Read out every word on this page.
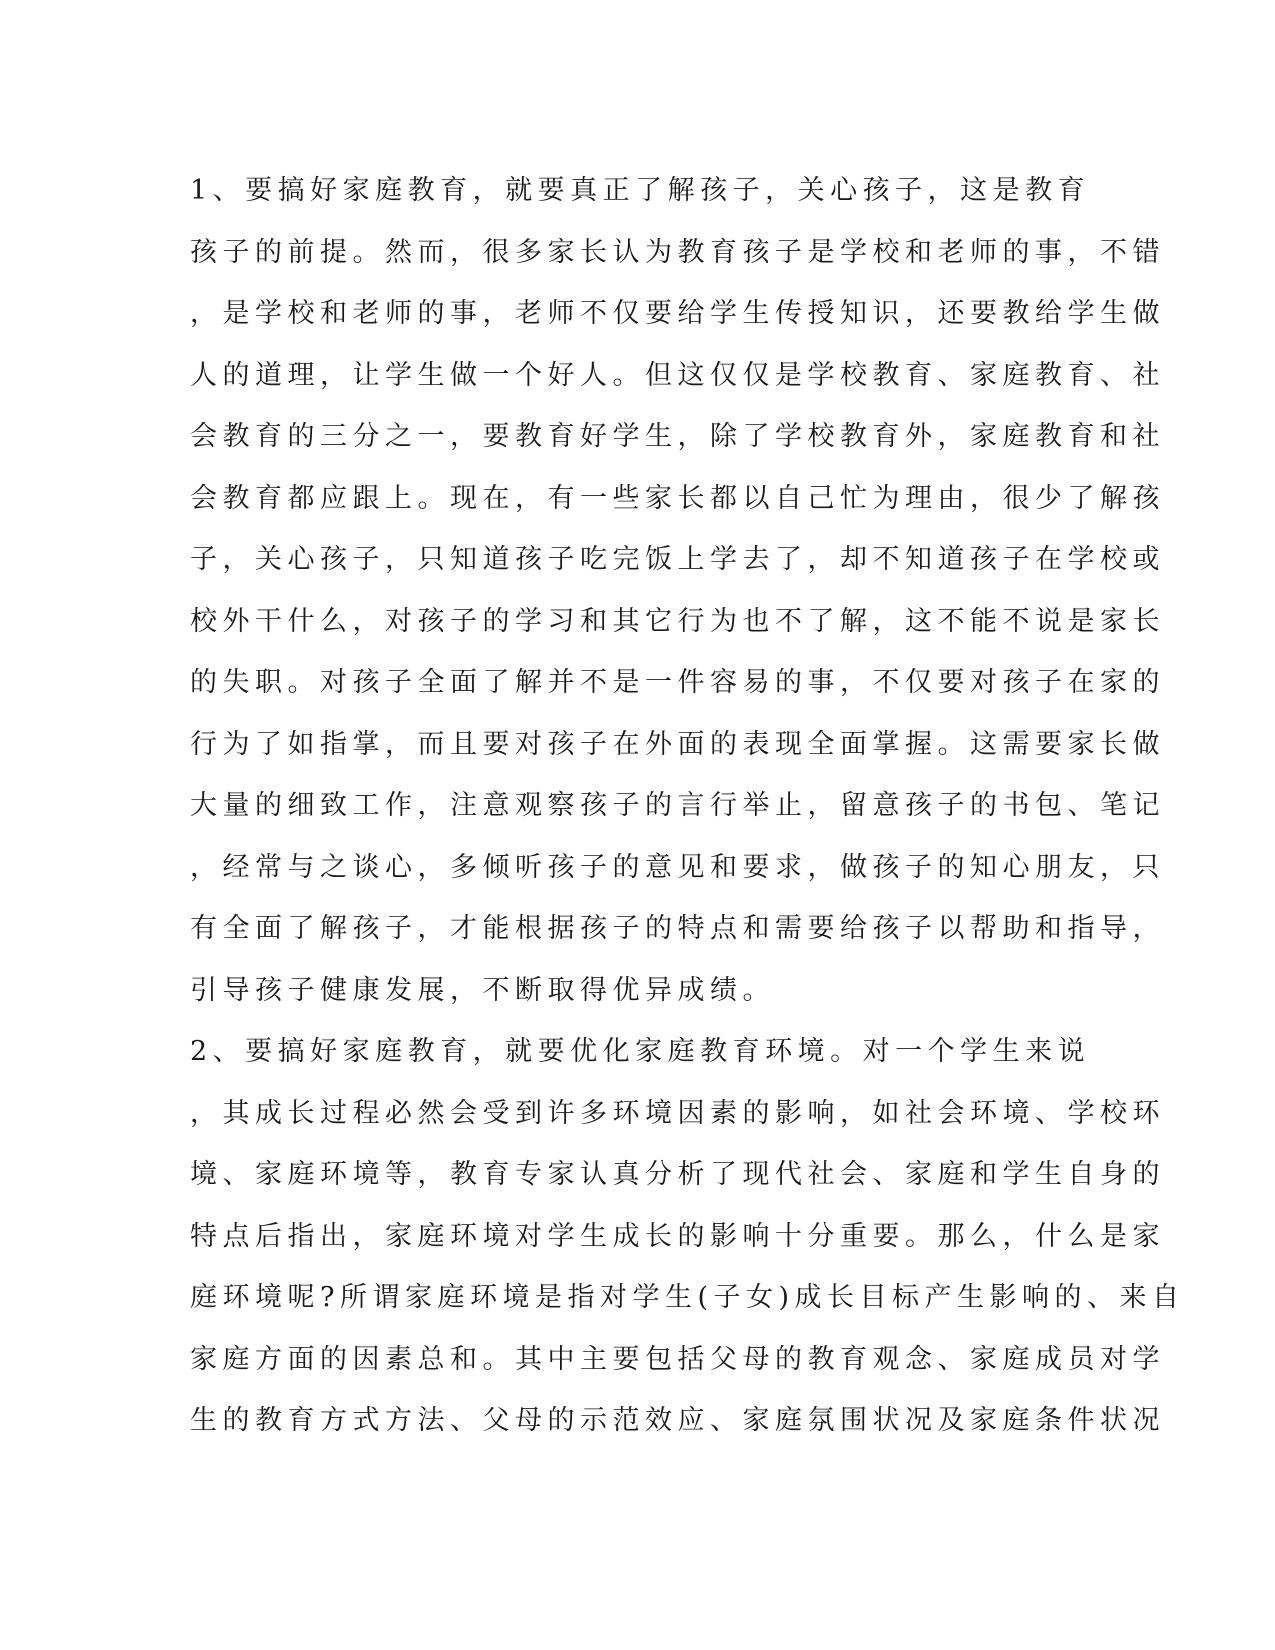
1、要搞好家庭教育，就要真正了解孩子，关心孩子，这是教育
孩子的前提。然而，很多家长认为教育孩子是学校和老师的事，不错
，是学校和老师的事，老师不仅要给学生传授知识，还要教给学生做
人的道理，让学生做一个好人。但这仅仅是学校教育、家庭教育、社
会教育的三分之一，要教育好学生，除了学校教育外，家庭教育和社
会教育都应跟上。现在，有一些家长都以自己忙为理由，很少了解孩
子，关心孩子，只知道孩子吃完饭上学去了，却不知道孩子在学校或
校外干什么，对孩子的学习和其它行为也不了解，这不能不说是家长
的失职。对孩子全面了解并不是一件容易的事，不仅要对孩子在家的
行为了如指掌，而且要对孩子在外面的表现全面掌握。这需要家长做
大量的细致工作，注意观察孩子的言行举止，留意孩子的书包、笔记
，经常与之谈心，多倾听孩子的意见和要求，做孩子的知心朋友，只
有全面了解孩子，才能根据孩子的特点和需要给孩子以帮助和指导，
引导孩子健康发展，不断取得优异成绩。
2、要搞好家庭教育，就要优化家庭教育环境。对一个学生来说
，其成长过程必然会受到许多环境因素的影响，如社会环境、学校环
境、家庭环境等，教育专家认真分析了现代社会、家庭和学生自身的
特点后指出，家庭环境对学生成长的影响十分重要。那么，什么是家
庭环境呢?所谓家庭环境是指对学生(子女)成长目标产生影响的、来自
家庭方面的因素总和。其中主要包括父母的教育观念、家庭成员对学
生的教育方式方法、父母的示范效应、家庭氛围状况及家庭条件状况
